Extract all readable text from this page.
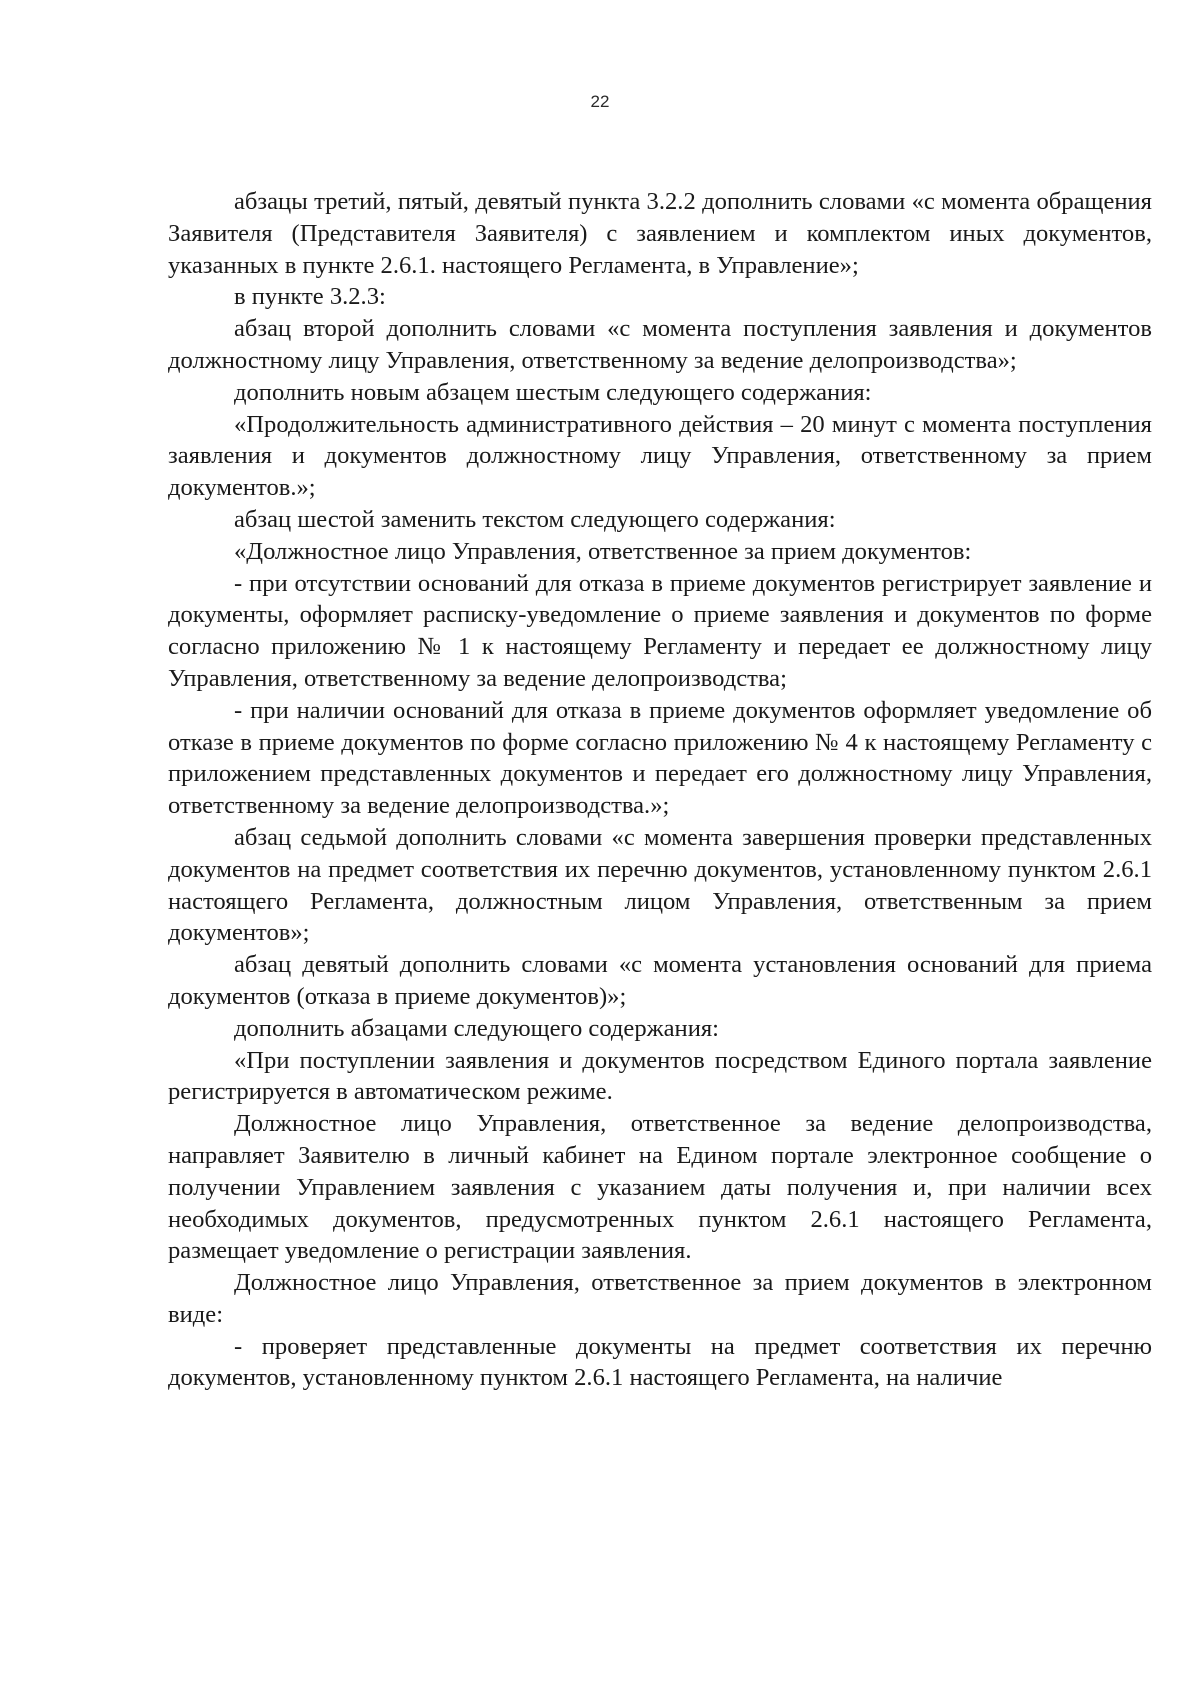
22

абзацы третий, пятый, девятый пункта 3.2.2 дополнить словами «с момента обращения Заявителя (Представителя Заявителя) с заявлением и комплектом иных документов, указанных в пункте 2.6.1. настоящего Регламента, в Управление»;

в пункте 3.2.3:

абзац второй дополнить словами «с момента поступления заявления и документов должностному лицу Управления, ответственному за ведение делопроизводства»;

дополнить новым абзацем шестым следующего содержания:

«Продолжительность административного действия – 20 минут с момента поступления заявления и документов должностному лицу Управления, ответственному за прием документов.»;

абзац шестой заменить текстом следующего содержания:

«Должностное лицо Управления, ответственное за прием документов:

- при отсутствии оснований для отказа в приеме документов регистрирует заявление и документы, оформляет расписку-уведомление о приеме заявления и документов по форме согласно приложению № 1 к настоящему Регламенту и передает ее должностному лицу Управления, ответственному за ведение делопроизводства;

- при наличии оснований для отказа в приеме документов оформляет уведомление об отказе в приеме документов по форме согласно приложению № 4 к настоящему Регламенту с приложением представленных документов и передает его должностному лицу Управления, ответственному за ведение делопроизводства.»;

абзац седьмой дополнить словами «с момента завершения проверки представленных документов на предмет соответствия их перечню документов, установленному пунктом 2.6.1 настоящего Регламента, должностным лицом Управления, ответственным за прием документов»;

абзац девятый дополнить словами «с момента установления оснований для приема документов (отказа в приеме документов)»;

дополнить абзацами следующего содержания:

«При поступлении заявления и документов посредством Единого портала заявление регистрируется в автоматическом режиме.

Должностное лицо Управления, ответственное за ведение делопроизводства, направляет Заявителю в личный кабинет на Едином портале электронное сообщение о получении Управлением заявления с указанием даты получения и, при наличии всех необходимых документов, предусмотренных пунктом 2.6.1 настоящего Регламента, размещает уведомление о регистрации заявления.

Должностное лицо Управления, ответственное за прием документов в электронном виде:

- проверяет представленные документы на предмет соответствия их перечню документов, установленному пунктом 2.6.1 настоящего Регламента, на наличие
